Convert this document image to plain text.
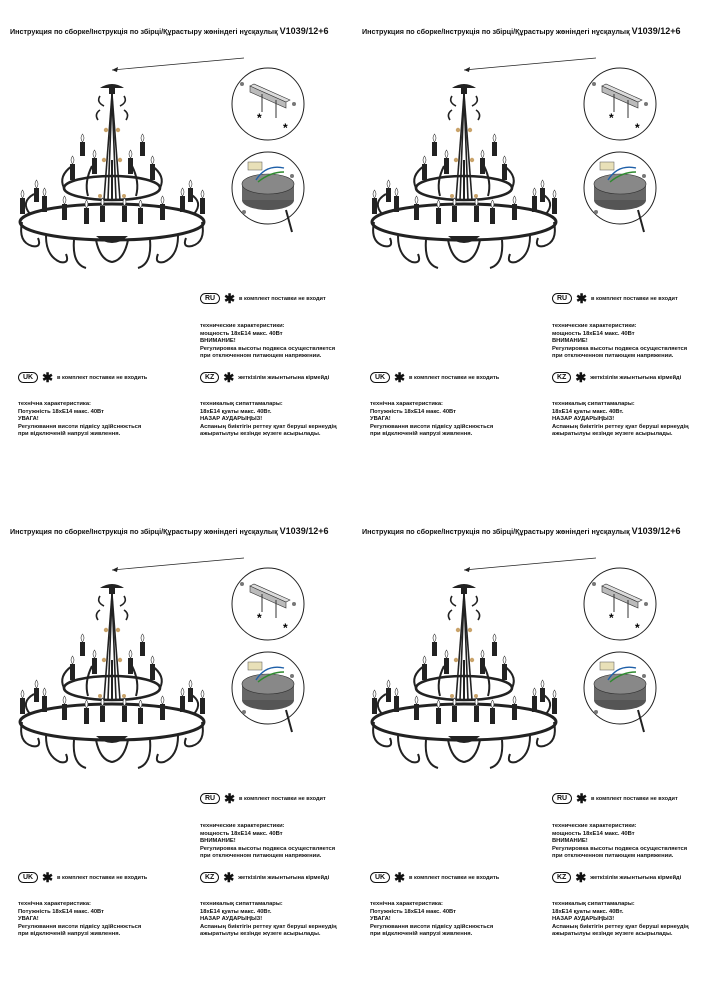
*
*
Инструкция по сборке/Інструкція по збірці/Құрастыру жөніндегі нұсқаулық V1039/12+6
RU ✱ в комплект поставки не входит
технические характеристики:
мощность 18хE14 макс. 40Вт
ВНИМАНИЕ!
Регулировка высоты подвеса осуществляется
при отключенном питающем напряжении.
UK ✱ в комплект поставки не входить	KZ ✱ жеткізілім жиынтығына кірмейді
технічна характеристика:
Потужність 18хE14 макс. 40Вт
УВАГА!
Регулювання висоти підвісу здійснюється
при відключеній напрузі живлення.
техникалық сипаттамалары:
18хE14 қуаты макс. 40Вт.
НАЗАР АУДАРЫҢЫЗ!
Аспаның биіктігін реттеу қуат беруші кернеудің
ажыратылуы кезінде жүзеге асырылады.
*
*
Инструкция по сборке/Інструкція по збірці/Құрастыру жөніндегі нұсқаулық V1039/12+6
RU ✱ в комплект поставки не входит
технические характеристики:
мощность 18хE14 макс. 40Вт
ВНИМАНИЕ!
Регулировка высоты подвеса осуществляется
при отключенном питающем напряжении.
UK ✱ в комплект поставки не входить	KZ ✱ жеткізілім жиынтығына кірмейді
технічна характеристика:
Потужність 18хE14 макс. 40Вт
УВАГА!
Регулювання висоти підвісу здійснюється
при відключеній напрузі живлення.
техникалық сипаттамалары:
18хE14 қуаты макс. 40Вт.
НАЗАР АУДАРЫҢЫЗ!
Аспаның биіктігін реттеу қуат беруші кернеудің
ажыратылуы кезінде жүзеге асырылады.
*
*
Инструкция по сборке/Інструкція по збірці/Құрастыру жөніндегі нұсқаулық V1039/12+6
RU ✱ в комплект поставки не входит
технические характеристики:
мощность 18хE14 макс. 40Вт
ВНИМАНИЕ!
Регулировка высоты подвеса осуществляется
при отключенном питающем напряжении.
UK ✱ в комплект поставки не входить	KZ ✱ жеткізілім жиынтығына кірмейді
технічна характеристика:
Потужність 18хE14 макс. 40Вт
УВАГА!
Регулювання висоти підвісу здійснюється
при відключеній напрузі живлення.
техникалық сипаттамалары:
18хE14 қуаты макс. 40Вт.
НАЗАР АУДАРЫҢЫЗ!
Аспаның биіктігін реттеу қуат беруші кернеудің
ажыратылуы кезінде жүзеге асырылады.
*
*
Инструкция по сборке/Інструкція по збірці/Құрастыру жөніндегі нұсқаулық V1039/12+6
RU ✱ в комплект поставки не входит
технические характеристики:
мощность 18хE14 макс. 40Вт
ВНИМАНИЕ!
Регулировка высоты подвеса осуществляется
при отключенном питающем напряжении.
UK ✱ в комплект поставки не входить	KZ ✱ жеткізілім жиынтығына кірмейді
технічна характеристика:
Потужність 18хE14 макс. 40Вт
УВАГА!
Регулювання висоти підвісу здійснюється
при відключеній напрузі живлення.
техникалық сипаттамалары:
18хE14 қуаты макс. 40Вт.
НАЗАР АУДАРЫҢЫЗ!
Аспаның биіктігін реттеу қуат беруші кернеудің
ажыратылуы кезінде жүзеге асырылады.
